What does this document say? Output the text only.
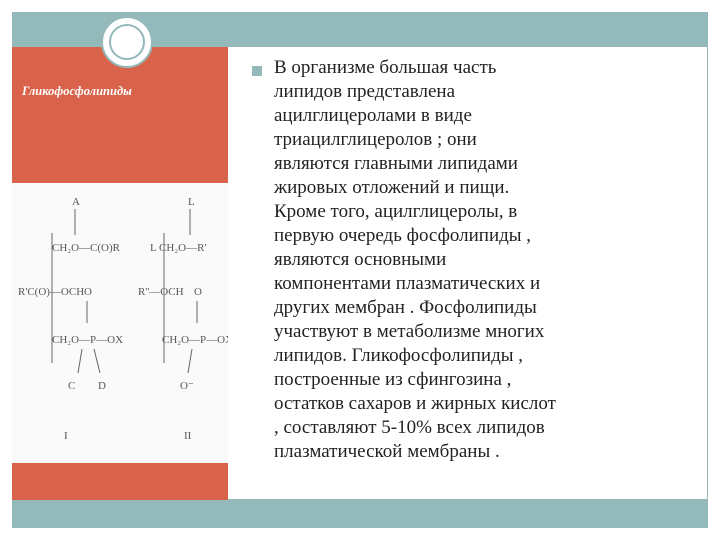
Гликофосфолипиды
A
CH₂O—C(O)R
R'C(O)—OCH O
CH₂O—P—OX
C D
I
L
L CH₂O—R'
R''—OCH O
CH₂O—P—OX
O⁻
II

В организме большая часть
липидов представлена
ацилглицеролами в виде
триацилглицеролов ; они
являются главными липидами
жировых отложений и пищи.
Кроме того, ацилглицеролы, в
первую очередь фосфолипиды ,
являются основными
компонентами плазматических и
других мембран . Фосфолипиды
участвуют в метаболизме многих
липидов. Гликофосфолипиды ,
построенные из сфингозина ,
остатков сахаров и жирных кислот
, составляют 5-10% всех липидов
плазматической мембраны .
